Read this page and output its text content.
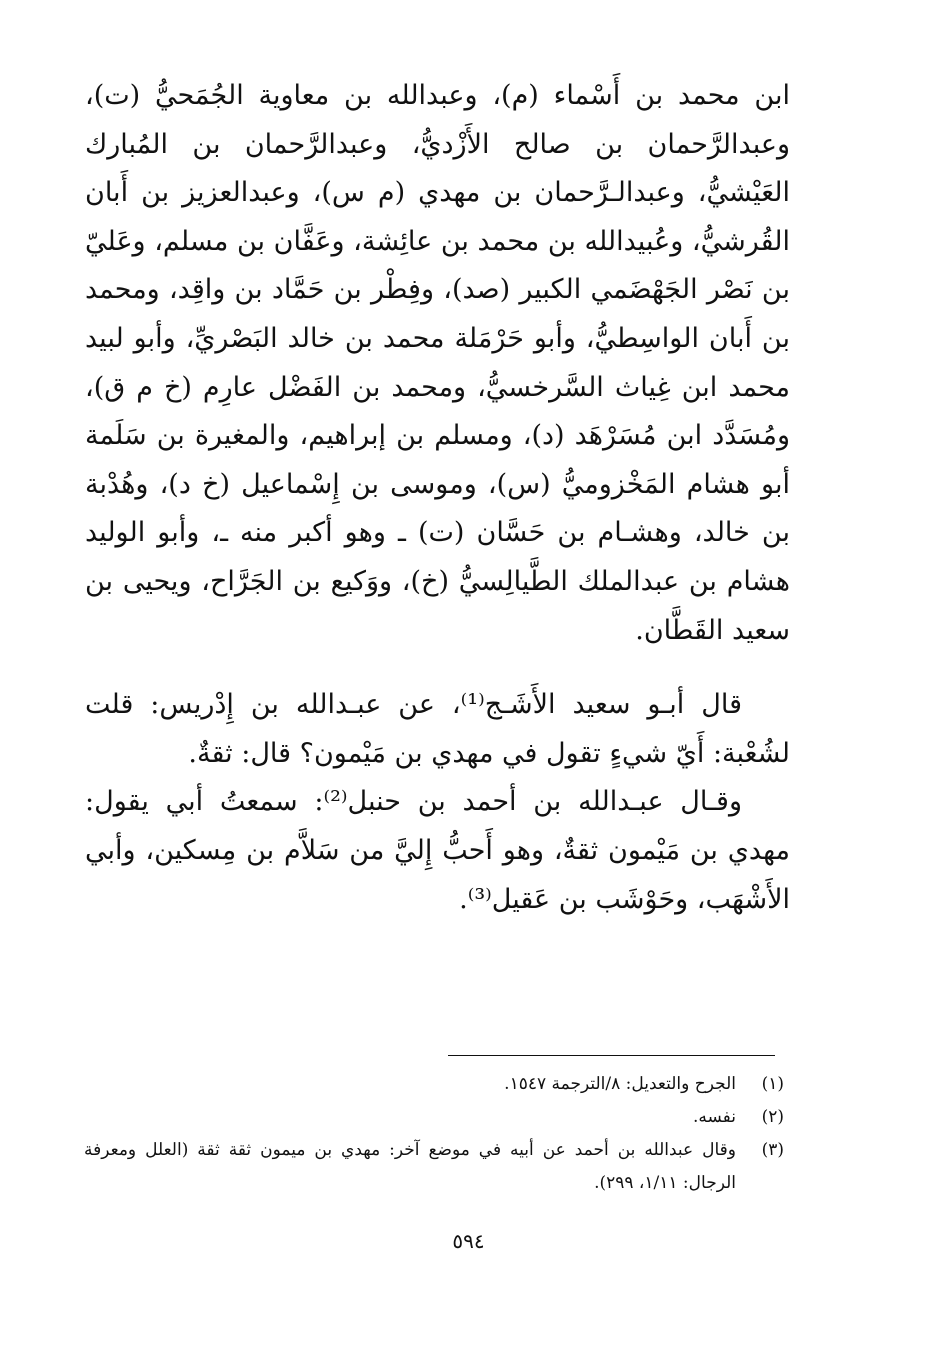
ابن محمد بن أَسْماء (م)، وعبدالله بن معاوية الجُمَحيُّ (ت)، وعبدالرَّحمان بن صالح الأَزْديُّ، وعبدالرَّحمان بن المُبارك العَيْشيُّ، وعبدالـرَّحمان بن مهدي (م س)، وعبدالعزيز بن أَبان القُرشيُّ، وعُبيدالله بن محمد بن عائِشة، وعَفَّان بن مسلم، وعَليّ بن نَصْر الجَهْضَمي الكبير (صد)، وفِطْر بن حَمَّاد بن واقِد، ومحمد بن أَبان الواسِطيُّ، وأبو حَرْمَلة محمد بن خالد البَصْريِّ، وأبو لبيد محمد ابن غِياث السَّرخسيُّ، ومحمد بن الفَضْل عارِم (خ م ق)، ومُسَدَّد ابن مُسَرْهَد (د)، ومسلم بن إبراهيم، والمغيرة بن سَلَمة أبو هشام المَخْزوميُّ (س)، وموسى بن إِسْماعيل (خ د)، وهُدْبة بن خالد، وهشـام بن حَسَّان (ت) ـ وهو أكبر منه ـ، وأبو الوليد هشام بن عبدالملك الطَّيالِسيُّ (خ)، ووَكيع بن الجَرَّاح، ويحيى بن سعيد القَطَّان.

قال أبـو سعيد الأَشَـج⁽¹⁾، عن عبـدالله بن إِدْريس: قلت لشُعْبة: أَيّ شيءٍ تقول في مهدي بن مَيْمون؟ قال: ثقةٌ.

وقـال عبـدالله بن أحمد بن حنبل⁽²⁾: سمعتُ أبي يقول: مهدي بن مَيْمون ثقةٌ، وهو أَحبُّ إِليَّ من سَلاَّم بن مِسكين، وأبي الأَشْهَب، وحَوْشَب بن عَقيل⁽³⁾.

(١)
الجرح والتعديل: ٨/الترجمة ١٥٤٧.
(٢)
نفسه.
(٣)
وقال عبدالله بن أحمد عن أبيه في موضع آخر: مهدي بن ميمون ثقة ثقة (العلل ومعرفة الرجال: ١/١١، ٢٩٩).
٥٩٤
